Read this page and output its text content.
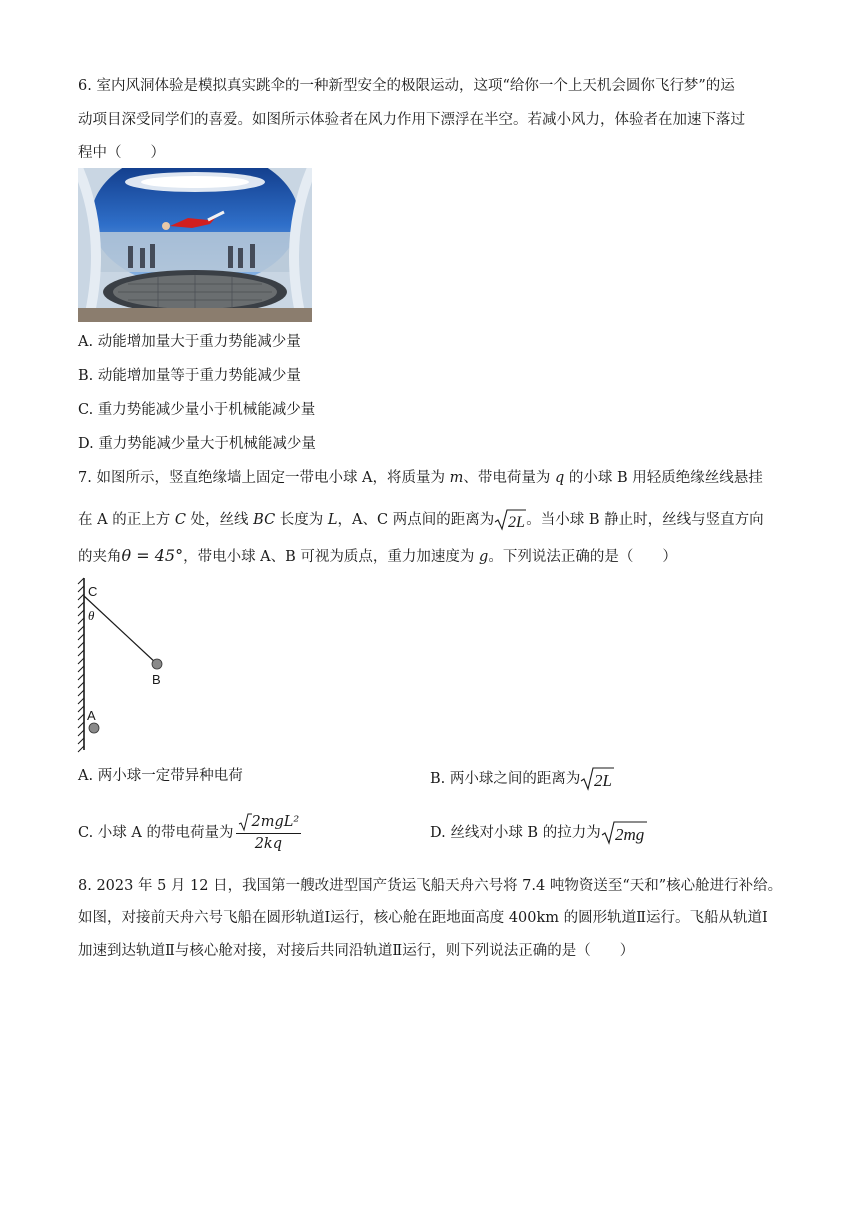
6. 室内风洞体验是模拟真实跳伞的一种新型安全的极限运动，这项“给你一个上天机会圆你飞行梦”的运
动项目深受同学们的喜爱。如图所示体验者在风力作用下漂浮在半空。若减小风力，体验者在加速下落过
程中（　　）
A. 动能增加量大于重力势能减少量
B. 动能增加量等于重力势能减少量
C. 重力势能减少量小于机械能减少量
D. 重力势能减少量大于机械能减少量
7. 如图所示，竖直绝缘墙上固定一带电小球 A，将质量为 m、带电荷量为 q 的小球 B 用轻质绝缘丝线悬挂
在 A 的正上方 C 处，丝线 BC 长度为 L，A、C 两点间的距离为 2L 。当小球 B 静止时，丝线与竖直方向
的夹角θ = 45°，带电小球 A、B 可视为质点，重力加速度为 g。下列说法正确的是（　　）
C
θ
B
A
A. 两小球一定带异种电荷	B. 两小球之间的距离为 2L
C. 小球 A 的带电荷量为 $\frac{\text{2mgL²}}{2kq}$	D. 丝线对小球 B 的拉力为 2mg
8. 2023 年 5 月 12 日，我国第一艘改进型国产货运飞船天舟六号将 7.4 吨物资送至“天和”核心舱进行补给。
如图，对接前天舟六号飞船在圆形轨道Ⅰ运行，核心舱在距地面高度 400km 的圆形轨道Ⅱ运行。飞船从轨道Ⅰ
加速到达轨道Ⅱ与核心舱对接，对接后共同沿轨道Ⅱ运行，则下列说法正确的是（　　）
